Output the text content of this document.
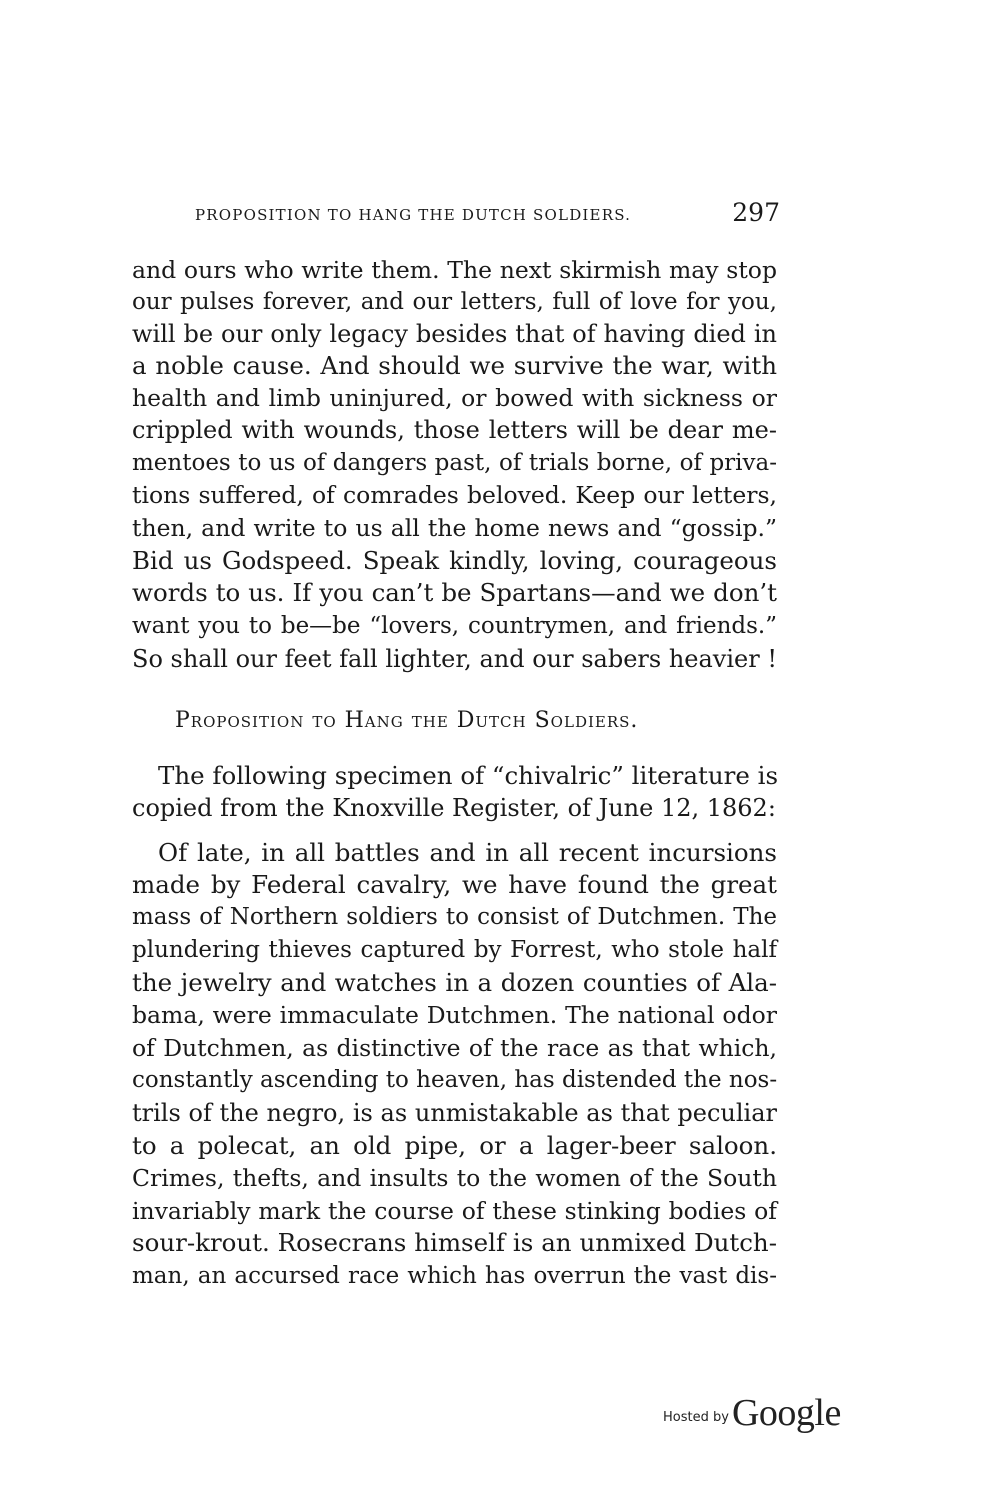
PROPOSITION TO HANG THE DUTCH SOLDIERS.	297
and ours who write them. The next skirmish may stop
our pulses forever, and our letters, full of love for you,
will be our only legacy besides that of having died in
a noble cause. And should we survive the war, with
health and limb uninjured, or bowed with sickness or
crippled with wounds, those letters will be dear me-
mentoes to us of dangers past, of trials borne, of priva-
tions suffered, of comrades beloved. Keep our letters,
then, and write to us all the home news and “gossip.”
Bid us Godspeed. Speak kindly, loving, courageous
words to us. If you can’t be Spartans—and we don’t
want you to be—be “lovers, countrymen, and friends.”
So shall our feet fall lighter, and our sabers heavier !
Proposition to Hang the Dutch Soldiers.
The following specimen of “chivalric” literature is
copied from the Knoxville Register, of June 12, 1862:
Of late, in all battles and in all recent incursions
made by Federal cavalry, we have found the great
mass of Northern soldiers to consist of Dutchmen. The
plundering thieves captured by Forrest, who stole half
the jewelry and watches in a dozen counties of Ala-
bama, were immaculate Dutchmen. The national odor
of Dutchmen, as distinctive of the race as that which,
constantly ascending to heaven, has distended the nos-
trils of the negro, is as unmistakable as that peculiar
to a polecat, an old pipe, or a lager-beer saloon.
Crimes, thefts, and insults to the women of the South
invariably mark the course of these stinking bodies of
sour-krout. Rosecrans himself is an unmixed Dutch-
man, an accursed race which has overrun the vast dis-
$^{Hosted by}$Google
